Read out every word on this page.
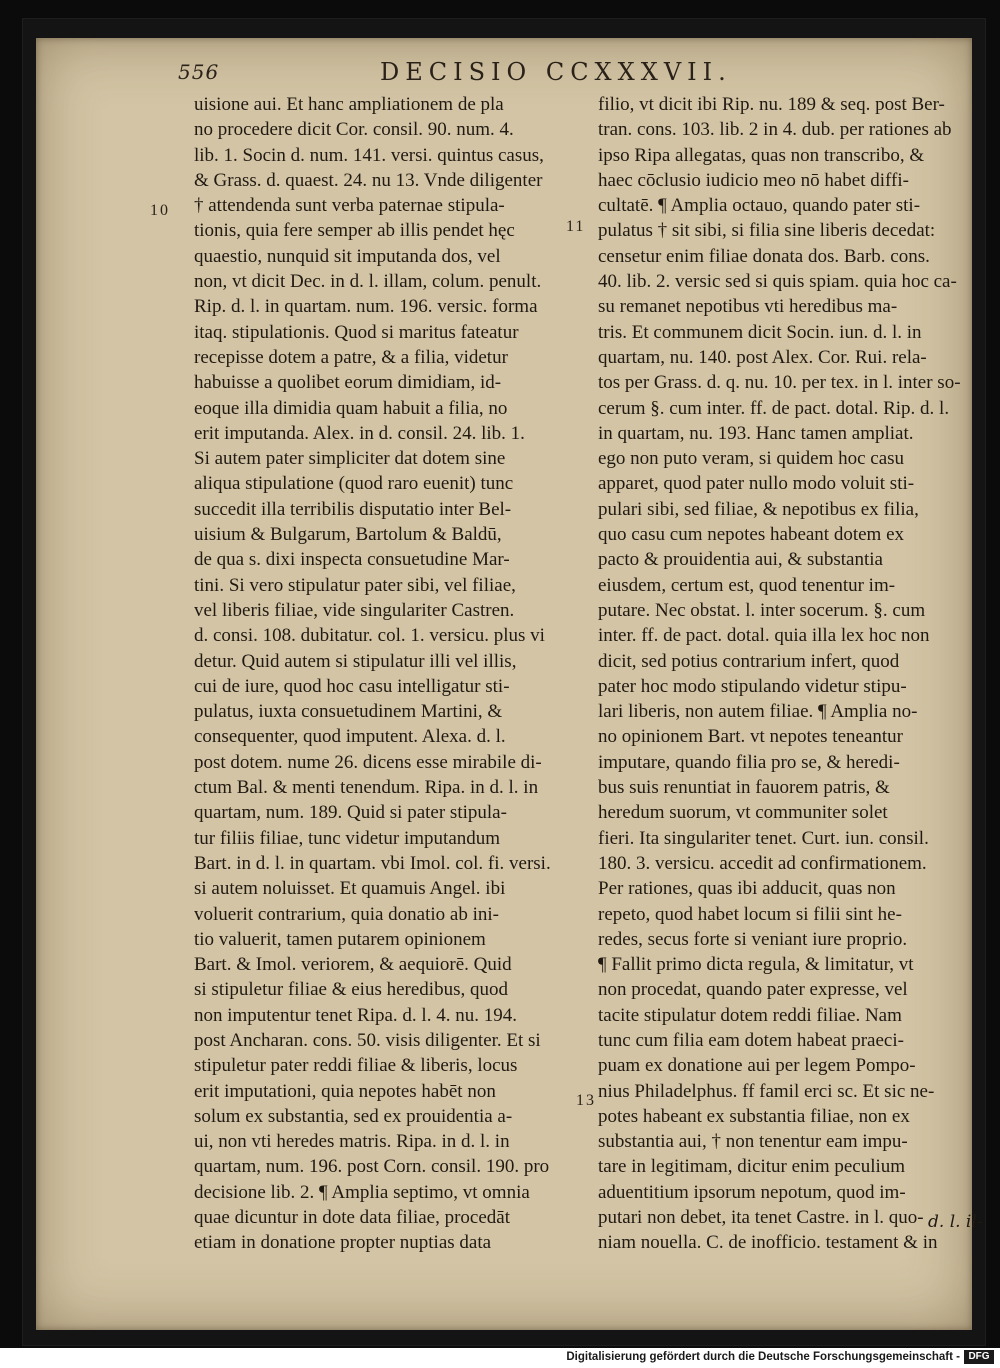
556	DECISIO CCXXXVII.
10
11
13
uisione aui. Et hanc ampliationem de pla
no procedere dicit Cor. consil. 90. num. 4.
lib. 1. Socin d. num. 141. versi. quintus casus,
& Grass. d. quaest. 24. nu 13. Vnde diligenter
† attendenda sunt verba paternae stipula-
tionis, quia fere semper ab illis pendet hęc
quaestio, nunquid sit imputanda dos, vel
non, vt dicit Dec. in d. l. illam, colum. penult.
Rip. d. l. in quartam. num. 196. versic. forma
itaq. stipulationis. Quod si maritus fateatur
recepisse dotem a patre, & a filia, videtur
habuisse a quolibet eorum dimidiam, id-
eoque illa dimidia quam habuit a filia, no
erit imputanda. Alex. in d. consil. 24. lib. 1.
Si autem pater simpliciter dat dotem sine
aliqua stipulatione (quod raro euenit) tunc
succedit illa terribilis disputatio inter Bel-
uisium & Bulgarum, Bartolum & Baldū,
de qua s. dixi inspecta consuetudine Mar-
tini. Si vero stipulatur pater sibi, vel filiae,
vel liberis filiae, vide singulariter Castren.
d. consi. 108. dubitatur. col. 1. versicu. plus vi
detur. Quid autem si stipulatur illi vel illis,
cui de iure, quod hoc casu intelligatur sti-
pulatus, iuxta consuetudinem Martini, &
consequenter, quod imputent. Alexa. d. l.
post dotem. nume 26. dicens esse mirabile di-
ctum Bal. & menti tenendum. Ripa. in d. l. in
quartam, num. 189. Quid si pater stipula-
tur filiis filiae, tunc videtur imputandum
Bart. in d. l. in quartam. vbi Imol. col. fi. versi.
si autem noluisset. Et quamuis Angel. ibi
voluerit contrarium, quia donatio ab ini-
tio valuerit, tamen putarem opinionem
Bart. & Imol. veriorem, & aequiorē. Quid
si stipuletur filiae & eius heredibus, quod
non imputentur tenet Ripa. d. l. 4. nu. 194.
post Ancharan. cons. 50. visis diligenter. Et si
stipuletur pater reddi filiae & liberis, locus
erit imputationi, quia nepotes habēt non
solum ex substantia, sed ex prouidentia a-
ui, non vti heredes matris. Ripa. in d. l. in
quartam, num. 196. post Corn. consil. 190. pro
decisione lib. 2. ¶ Amplia septimo, vt omnia
quae dicuntur in dote data filiae, procedāt
etiam in donatione propter nuptias data
filio, vt dicit ibi Rip. nu. 189 & seq. post Ber-
tran. cons. 103. lib. 2 in 4. dub. per rationes ab
ipso Ripa allegatas, quas non transcribo, &
haec cōclusio iudicio meo nō habet diffi-
cultatē. ¶ Amplia octauo, quando pater sti-
pulatus † sit sibi, si filia sine liberis decedat:
censetur enim filiae donata dos. Barb. cons.
40. lib. 2. versic sed si quis spiam. quia hoc ca-
su remanet nepotibus vti heredibus ma-
tris. Et communem dicit Socin. iun. d. l. in
quartam, nu. 140. post Alex. Cor. Rui. rela-
tos per Grass. d. q. nu. 10. per tex. in l. inter so-
cerum §. cum inter. ff. de pact. dotal. Rip. d. l.
in quartam, nu. 193. Hanc tamen ampliat.
ego non puto veram, si quidem hoc casu
apparet, quod pater nullo modo voluit sti-
pulari sibi, sed filiae, & nepotibus ex filia,
quo casu cum nepotes habeant dotem ex
pacto & prouidentia aui, & substantia
eiusdem, certum est, quod tenentur im-
putare. Nec obstat. l. inter socerum. §. cum
inter. ff. de pact. dotal. quia illa lex hoc non
dicit, sed potius contrarium infert, quod
pater hoc modo stipulando videtur stipu-
lari liberis, non autem filiae. ¶ Amplia no-
no opinionem Bart. vt nepotes teneantur
imputare, quando filia pro se, & heredi-
bus suis renuntiat in fauorem patris, &
heredum suorum, vt communiter solet
fieri. Ita singulariter tenet. Curt. iun. consil.
180. 3. versicu. accedit ad confirmationem.
Per rationes, quas ibi adducit, quas non
repeto, quod habet locum si filii sint he-
redes, secus forte si veniant iure proprio.
¶ Fallit primo dicta regula, & limitatur, vt
non procedat, quando pater expresse, vel
tacite stipulatur dotem reddi filiae. Nam
tunc cum filia eam dotem habeat praeci-
puam ex donatione aui per legem Pompo-
nius Philadelphus. ff famil erci sc. Et sic ne-
potes habeant ex substantia filiae, non ex
substantia aui, † non tenentur eam impu-
tare in legitimam, dicitur enim peculium
aduentitium ipsorum nepotum, quod im-
putari non debet, ita tenet Castre. in l. quo-
niam nouella. C. de inofficio. testament & in
d. l. il-
Digitalisierung gefördert durch die Deutsche Forschungsgemeinschaft - DFG
